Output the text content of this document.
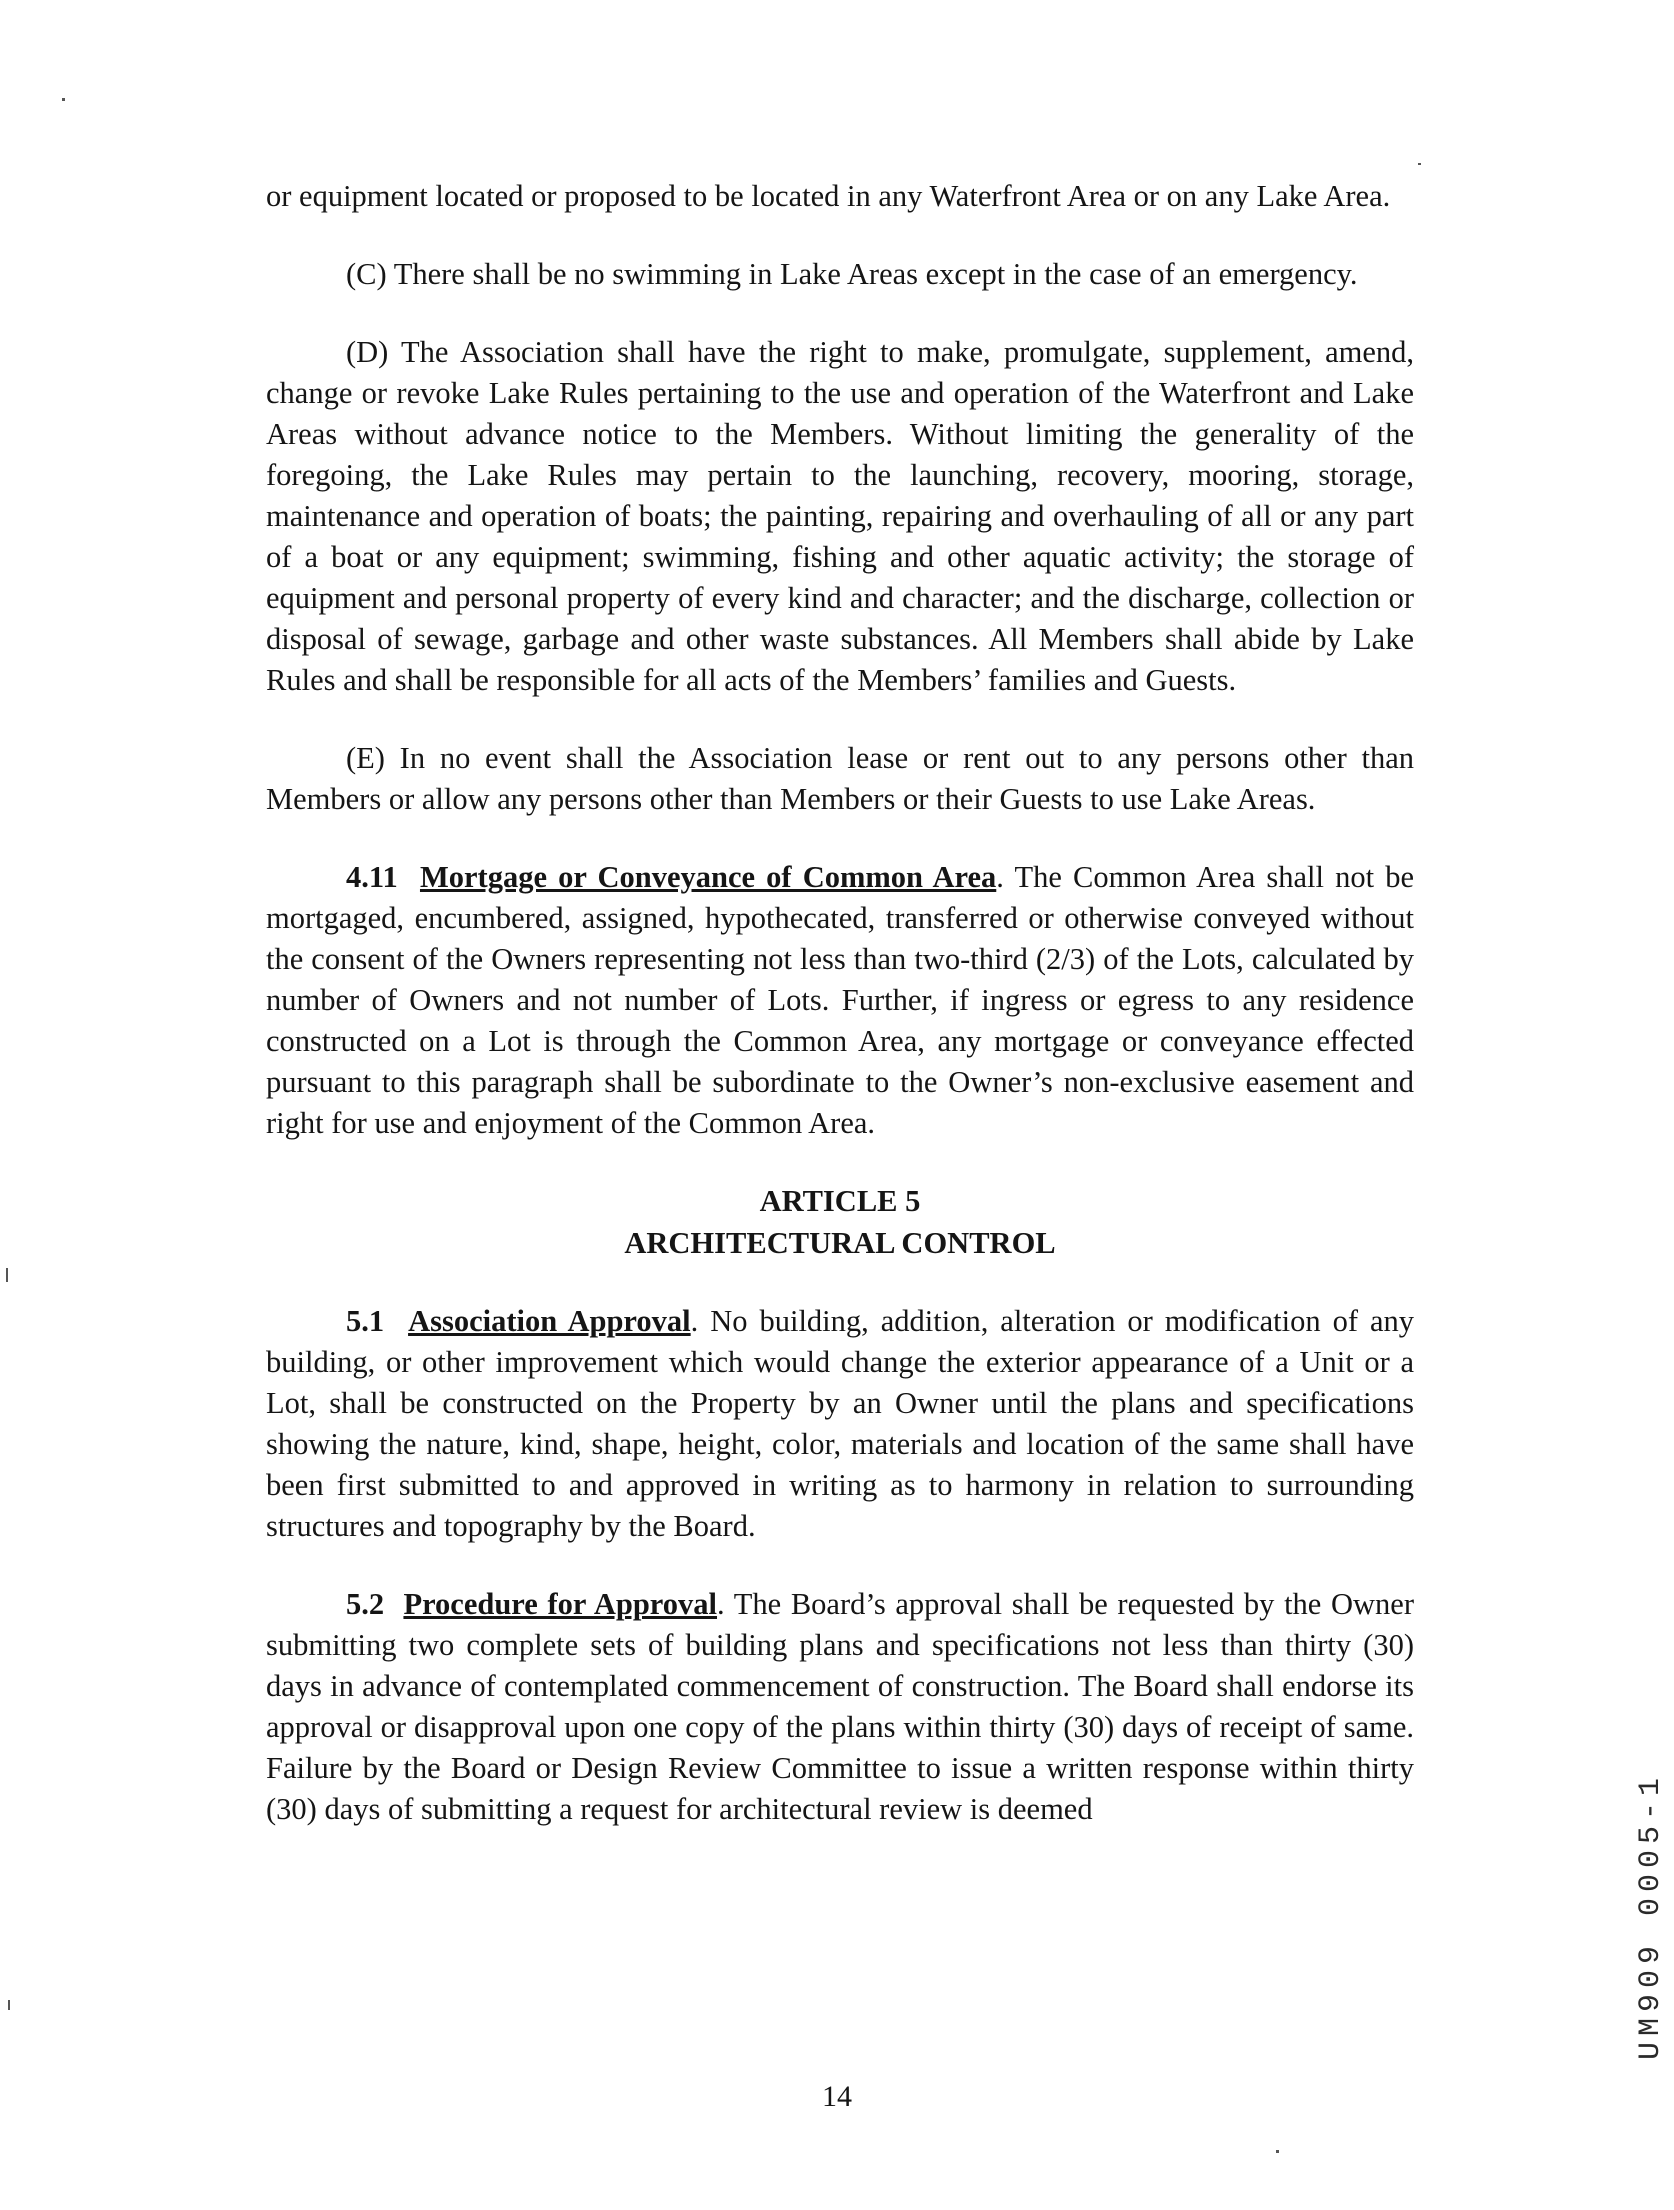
or equipment located or proposed to be located in any Waterfront Area or on any Lake Area.

(C) There shall be no swimming in Lake Areas except in the case of an emergency.

(D) The Association shall have the right to make, promulgate, supplement, amend, change or revoke Lake Rules pertaining to the use and operation of the Waterfront and Lake Areas without advance notice to the Members. Without limiting the generality of the foregoing, the Lake Rules may pertain to the launching, recovery, mooring, storage, maintenance and operation of boats; the painting, repairing and overhauling of all or any part of a boat or any equipment; swimming, fishing and other aquatic activity; the storage of equipment and personal property of every kind and character; and the discharge, collection or disposal of sewage, garbage and other waste substances. All Members shall abide by Lake Rules and shall be responsible for all acts of the Members’ families and Guests.

(E) In no event shall the Association lease or rent out to any persons other than Members or allow any persons other than Members or their Guests to use Lake Areas.

4.11 Mortgage or Conveyance of Common Area. The Common Area shall not be mortgaged, encumbered, assigned, hypothecated, transferred or otherwise conveyed without the consent of the Owners representing not less than two-third (2/3) of the Lots, calculated by number of Owners and not number of Lots. Further, if ingress or egress to any residence constructed on a Lot is through the Common Area, any mortgage or conveyance effected pursuant to this paragraph shall be subordinate to the Owner’s non-exclusive easement and right for use and enjoyment of the Common Area.

ARTICLE 5
ARCHITECTURAL CONTROL

5.1 Association Approval. No building, addition, alteration or modification of any building, or other improvement which would change the exterior appearance of a Unit or a Lot, shall be constructed on the Property by an Owner until the plans and specifications showing the nature, kind, shape, height, color, materials and location of the same shall have been first submitted to and approved in writing as to harmony in relation to surrounding structures and topography by the Board.

5.2 Procedure for Approval. The Board’s approval shall be requested by the Owner submitting two complete sets of building plans and specifications not less than thirty (30) days in advance of contemplated commencement of construction. The Board shall endorse its approval or disapproval upon one copy of the plans within thirty (30) days of receipt of same. Failure by the Board or Design Review Committee to issue a written response within thirty (30) days of submitting a request for architectural review is deemed

14
UM909 0005-1
